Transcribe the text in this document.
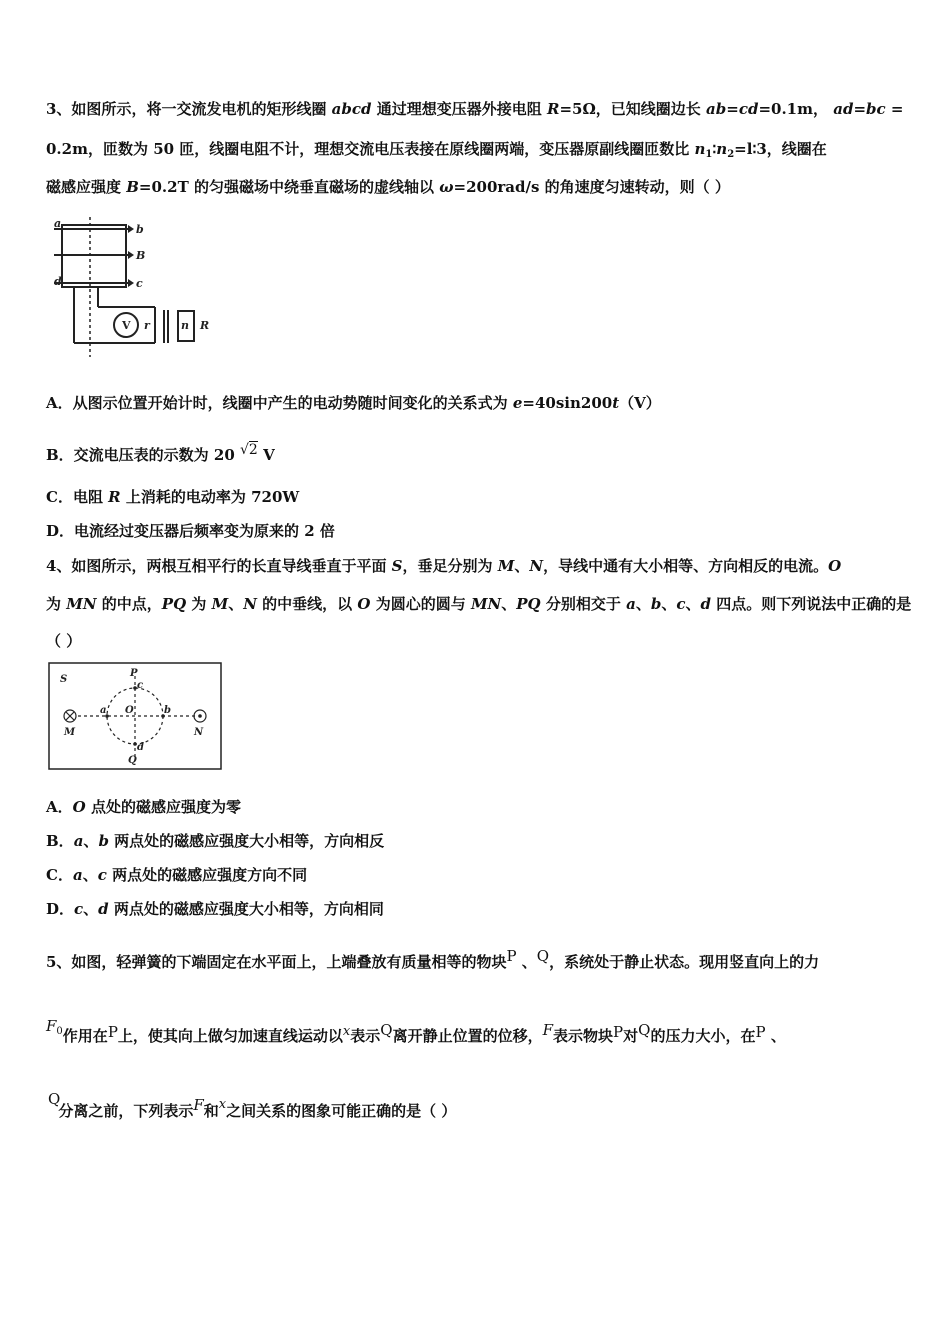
3、如图所示，将一交流发电机的矩形线圈 abcd 通过理想变压器外接电阻 R=5Ω，已知线圈边长 ab=cd=0.1m， ad=bc =
0.2m，匝数为 50 匝，线圈电阻不计，理想交流电压表接在原线圈两端，变压器原副线圈匝数比 $n_1∶n_2=l∶3$，线圈在
磁感应强度 B=0.2T 的匀强磁场中绕垂直磁场的虚线轴以 ω=200rad/s 的角速度匀速转动，则（ ）
a	b
B
d	c
V r	n R
A．从图示位置开始计时，线圈中产生的电动势随时间变化的关系式为 e=40sin200t（V）
B．交流电压表的示数为 20 √2 V
C．电阻 R 上消耗的电动率为 720W
D．电流经过变压器后频率变为原来的 2 倍
4、如图所示，两根互相平行的长直导线垂直于平面 S，垂足分别为 M、N，导线中通有大小相等、方向相反的电流。O
为 MN 的中点，PQ 为 M、N 的中垂线，以 O 为圆心的圆与 MN、PQ 分别相交于 a、b、c、d 四点。则下列说法中正确的是
（ ）
S
P
c
a O	b
M	N
d
Q
A．O 点处的磁感应强度为零
B．a、b 两点处的磁感应强度大小相等，方向相反
C．a、c 两点处的磁感应强度方向不同
D．c、d 两点处的磁感应强度大小相等，方向相同
5、如图，轻弹簧的下端固定在水平面上，上端叠放有质量相等的物块P 、Q，系统处于静止状态。现用竖直向上的力
$F_0$作用在P上，使其向上做匀加速直线运动以x表示Q离开静止位置的位移，F表示物块P对Q的压力大小，在P 、
Q分离之前，下列表示F和x之间关系的图象可能正确的是（ ）
